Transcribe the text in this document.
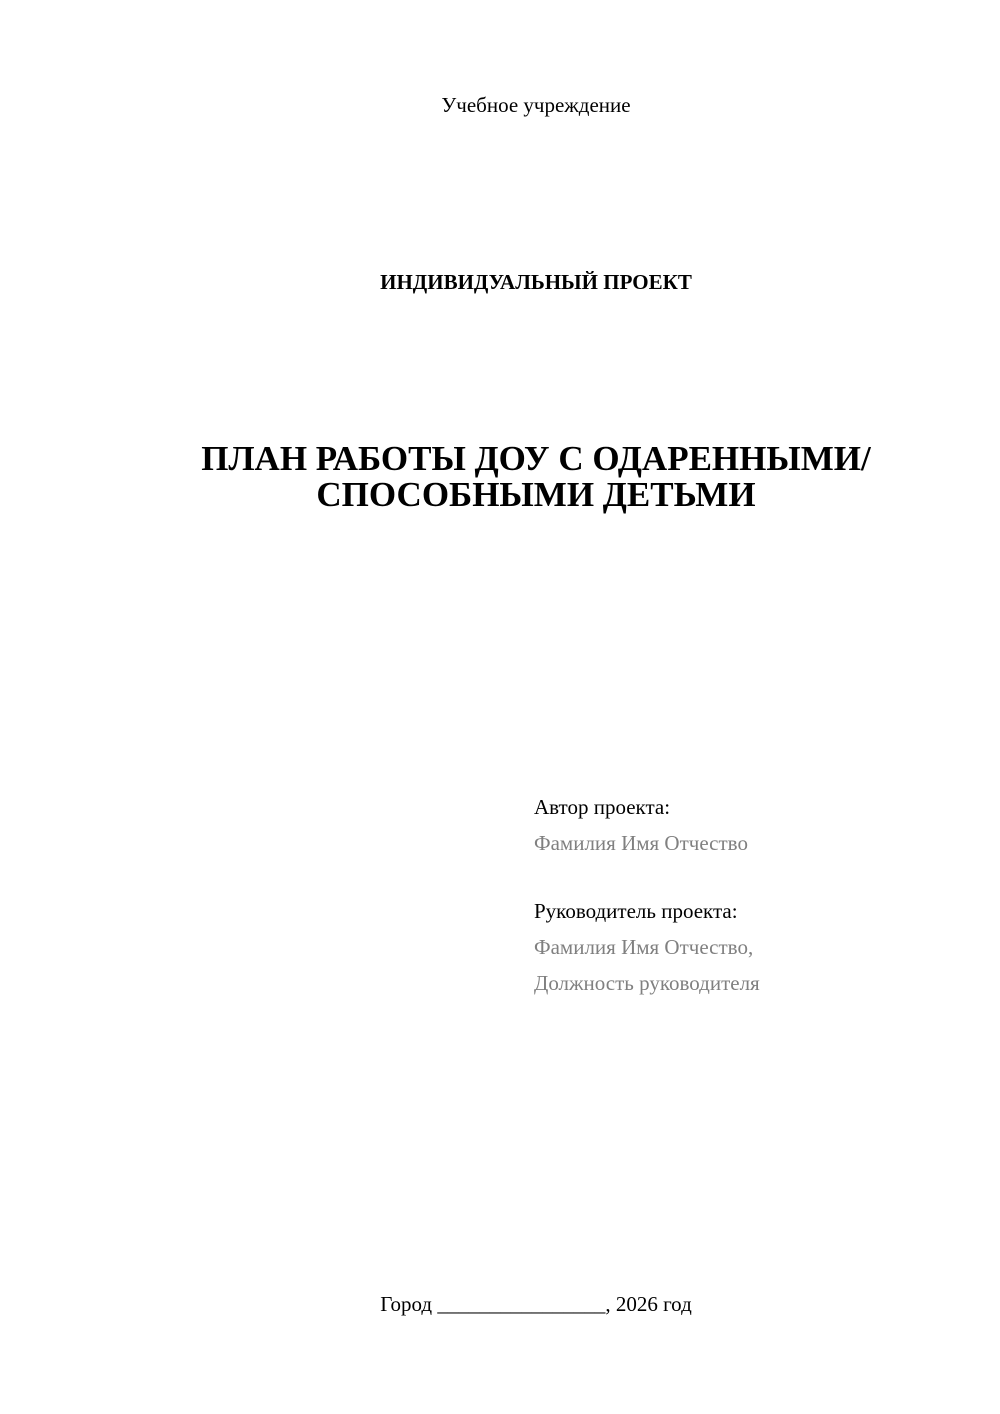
Учебное учреждение
ИНДИВИДУАЛЬНЫЙ ПРОЕКТ
ПЛАН РАБОТЫ ДОУ С ОДАРЕННЫМИ/
СПОСОБНЫМИ ДЕТЬМИ
Автор проекта:
Фамилия Имя Отчество
Руководитель проекта:
Фамилия Имя Отчество,
Должность руководителя
Город ________________, 2026 год
